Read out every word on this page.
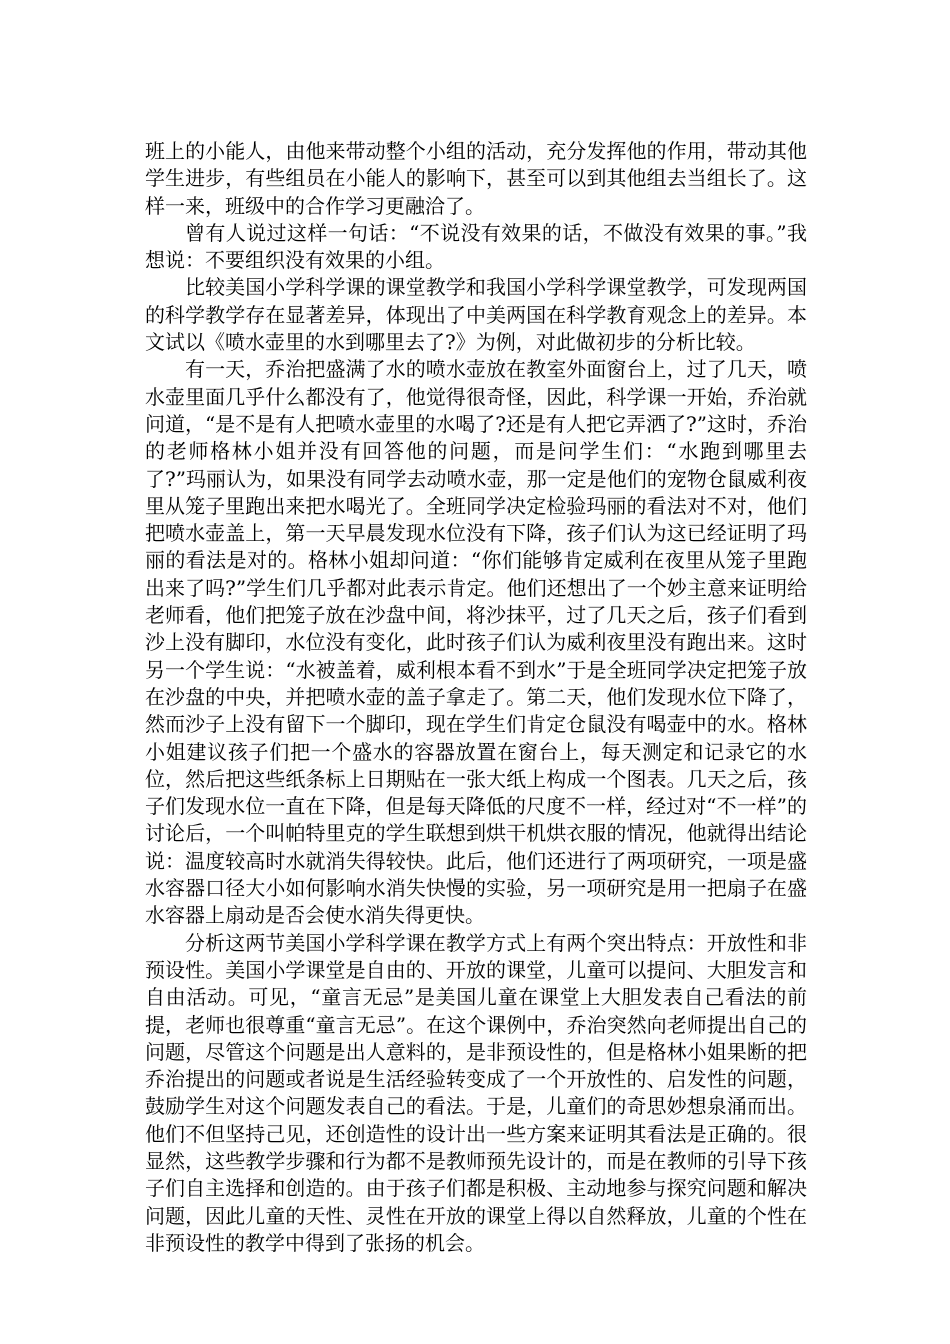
班上的小能人，由他来带动整个小组的活动，充分发挥他的作用，带动其他学生进步，有些组员在小能人的影响下，甚至可以到其他组去当组长了。这样一来，班级中的合作学习更融洽了。

曾有人说过这样一句话：“不说没有效果的话，不做没有效果的事。”我想说：不要组织没有效果的小组。

比较美国小学科学课的课堂教学和我国小学科学课堂教学，可发现两国的科学教学存在显著差异，体现出了中美两国在科学教育观念上的差异。本文试以《喷水壶里的水到哪里去了?》为例，对此做初步的分析比较。

有一天，乔治把盛满了水的喷水壶放在教室外面窗台上，过了几天，喷水壶里面几乎什么都没有了，他觉得很奇怪，因此，科学课一开始，乔治就问道，“是不是有人把喷水壶里的水喝了?还是有人把它弄洒了?”这时，乔治的老师格林小姐并没有回答他的问题，而是问学生们：“水跑到哪里去了?”玛丽认为，如果没有同学去动喷水壶，那一定是他们的宠物仓鼠威利夜里从笼子里跑出来把水喝光了。全班同学决定检验玛丽的看法对不对，他们把喷水壶盖上，第一天早晨发现水位没有下降，孩子们认为这已经证明了玛丽的看法是对的。格林小姐却问道：“你们能够肯定威利在夜里从笼子里跑出来了吗?”学生们几乎都对此表示肯定。他们还想出了一个妙主意来证明给老师看，他们把笼子放在沙盘中间，将沙抹平，过了几天之后，孩子们看到沙上没有脚印，水位没有变化，此时孩子们认为威利夜里没有跑出来。这时另一个学生说：“水被盖着，威利根本看不到水”于是全班同学决定把笼子放在沙盘的中央，并把喷水壶的盖子拿走了。第二天，他们发现水位下降了，然而沙子上没有留下一个脚印，现在学生们肯定仓鼠没有喝壶中的水。格林小姐建议孩子们把一个盛水的容器放置在窗台上，每天测定和记录它的水位，然后把这些纸条标上日期贴在一张大纸上构成一个图表。几天之后，孩子们发现水位一直在下降，但是每天降低的尺度不一样，经过对“不一样”的讨论后，一个叫帕特里克的学生联想到烘干机烘衣服的情况，他就得出结论说：温度较高时水就消失得较快。此后，他们还进行了两项研究，一项是盛水容器口径大小如何影响水消失快慢的实验，另一项研究是用一把扇子在盛水容器上扇动是否会使水消失得更快。

分析这两节美国小学科学课在教学方式上有两个突出特点：开放性和非预设性。美国小学课堂是自由的、开放的课堂，儿童可以提问、大胆发言和自由活动。可见，“童言无忌”是美国儿童在课堂上大胆发表自己看法的前提，老师也很尊重“童言无忌”。在这个课例中，乔治突然向老师提出自己的问题，尽管这个问题是出人意料的，是非预设性的，但是格林小姐果断的把乔治提出的问题或者说是生活经验转变成了一个开放性的、启发性的问题，鼓励学生对这个问题发表自己的看法。于是，儿童们的奇思妙想泉涌而出。他们不但坚持己见，还创造性的设计出一些方案来证明其看法是正确的。很显然，这些教学步骤和行为都不是教师预先设计的，而是在教师的引导下孩子们自主选择和创造的。由于孩子们都是积极、主动地参与探究问题和解决问题，因此儿童的天性、灵性在开放的课堂上得以自然释放，儿童的个性在非预设性的教学中得到了张扬的机会。
